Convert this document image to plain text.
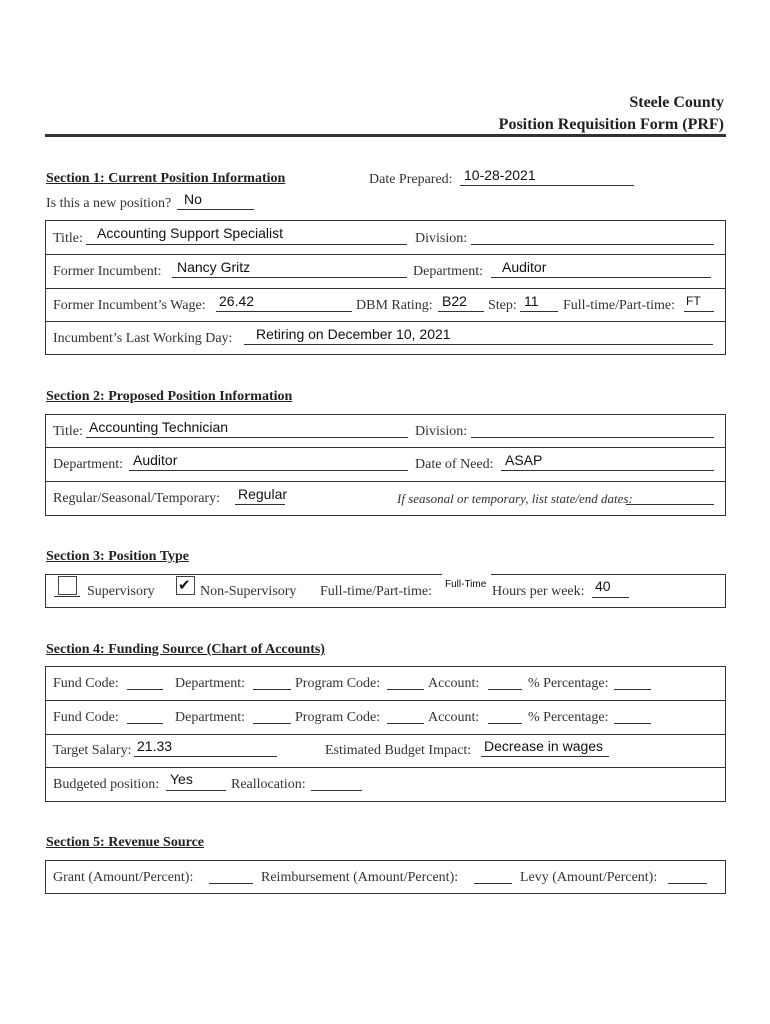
Steele County
Position Requisition Form (PRF)
Section 1: Current Position Information	Date Prepared: 10-28-2021
Is this a new position? No
Title: Accounting Support Specialist	Division:
Former Incumbent: Nancy Gritz	Department: Auditor
Former Incumbent’s Wage: 26.42	DBM Rating: B22 Step: 11 Full-time/Part-time: FT
Incumbent’s Last Working Day: Retiring on December 10, 2021
Section 2: Proposed Position Information
Title: Accounting Technician	Division:
Department: Auditor	Date of Need: ASAP
Regular/Seasonal/Temporary: Regular	If seasonal or temporary, list state/end dates:
Section 3: Position Type
Supervisory ✔ Non-Supervisory Full-time/Part-time: Full-Time Hours per week: 40
Section 4: Funding Source (Chart of Accounts)
Fund Code:	Department:	Program Code:	Account:	% Percentage:
Fund Code:	Department:	Program Code:	Account:	% Percentage:
Target Salary: 21.33	Estimated Budget Impact: Decrease in wages
Budgeted position: Yes	Reallocation:
Section 5: Revenue Source
Grant (Amount/Percent):	Reimbursement (Amount/Percent):	Levy (Amount/Percent):
